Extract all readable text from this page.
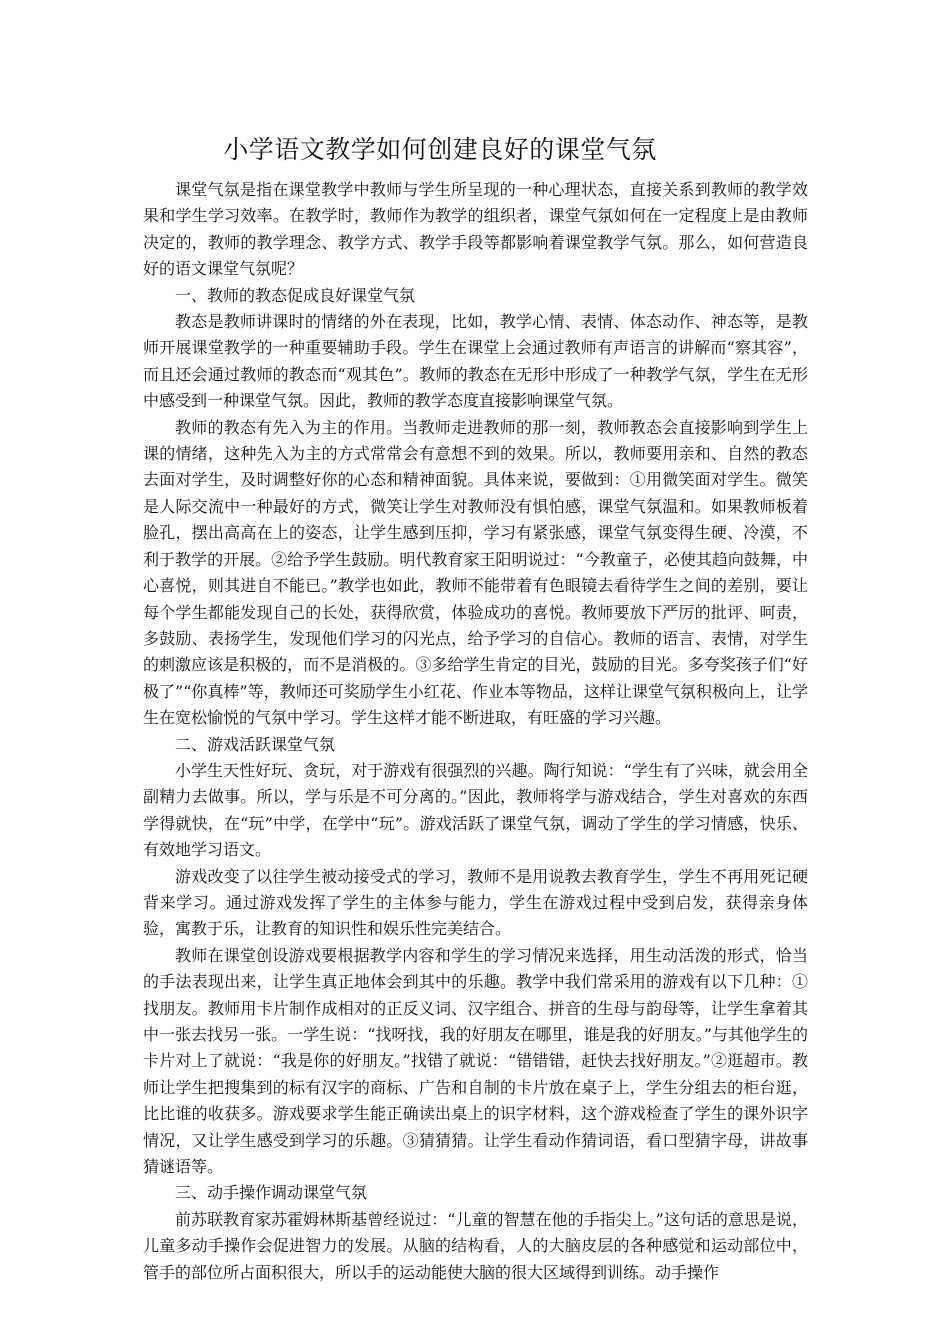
小学语文教学如何创建良好的课堂气氛

课堂气氛是指在课堂教学中教师与学生所呈现的一种心理状态，直接关系到教师的教学效果和学生学习效率。在教学时，教师作为教学的组织者，课堂气氛如何在一定程度上是由教师决定的，教师的教学理念、教学方式、教学手段等都影响着课堂教学气氛。那么，如何营造良好的语文课堂气氛呢？

一、教师的教态促成良好课堂气氛

教态是教师讲课时的情绪的外在表现，比如，教学心情、表情、体态动作、神态等，是教师开展课堂教学的一种重要辅助手段。学生在课堂上会通过教师有声语言的讲解而“察其容”，而且还会通过教师的教态而“观其色”。教师的教态在无形中形成了一种教学气氛，学生在无形中感受到一种课堂气氛。因此，教师的教学态度直接影响课堂气氛。

教师的教态有先入为主的作用。当教师走进教师的那一刻，教师教态会直接影响到学生上课的情绪，这种先入为主的方式常常会有意想不到的效果。所以，教师要用亲和、自然的教态去面对学生，及时调整好你的心态和精神面貌。具体来说，要做到：①用微笑面对学生。微笑是人际交流中一种最好的方式，微笑让学生对教师没有惧怕感，课堂气氛温和。如果教师板着脸孔，摆出高高在上的姿态，让学生感到压抑，学习有紧张感，课堂气氛变得生硬、冷漠，不利于教学的开展。②给予学生鼓励。明代教育家王阳明说过：“今教童子，必使其趋向鼓舞，中心喜悦，则其进自不能已。”教学也如此，教师不能带着有色眼镜去看待学生之间的差别，要让每个学生都能发现自己的长处，获得欣赏，体验成功的喜悦。教师要放下严厉的批评、呵责，多鼓励、表扬学生，发现他们学习的闪光点，给予学习的自信心。教师的语言、表情，对学生的刺激应该是积极的，而不是消极的。③多给学生肯定的目光，鼓励的目光。多夸奖孩子们“好极了”“你真棒”等，教师还可奖励学生小红花、作业本等物品，这样让课堂气氛积极向上，让学生在宽松愉悦的气氛中学习。学生这样才能不断进取，有旺盛的学习兴趣。

二、游戏活跃课堂气氛

小学生天性好玩、贪玩，对于游戏有很强烈的兴趣。陶行知说：“学生有了兴味，就会用全副精力去做事。所以，学与乐是不可分离的。”因此，教师将学与游戏结合，学生对喜欢的东西学得就快，在“玩”中学，在学中“玩”。游戏活跃了课堂气氛，调动了学生的学习情感，快乐、有效地学习语文。

游戏改变了以往学生被动接受式的学习，教师不是用说教去教育学生，学生不再用死记硬背来学习。通过游戏发挥了学生的主体参与能力，学生在游戏过程中受到启发，获得亲身体验，寓教于乐，让教育的知识性和娱乐性完美结合。

教师在课堂创设游戏要根据教学内容和学生的学习情况来选择，用生动活泼的形式，恰当的手法表现出来，让学生真正地体会到其中的乐趣。教学中我们常采用的游戏有以下几种：①找朋友。教师用卡片制作成相对的正反义词、汉字组合、拼音的生母与韵母等，让学生拿着其中一张去找另一张。一学生说：“找呀找，我的好朋友在哪里，谁是我的好朋友。”与其他学生的卡片对上了就说：“我是你的好朋友。”找错了就说：“错错错，赶快去找好朋友。”②逛超市。教师让学生把搜集到的标有汉字的商标、广告和自制的卡片放在桌子上，学生分组去的柜台逛，比比谁的收获多。游戏要求学生能正确读出桌上的识字材料，这个游戏检查了学生的课外识字情况，又让学生感受到学习的乐趣。③猜猜猜。让学生看动作猜词语，看口型猜字母，讲故事猜谜语等。

三、动手操作调动课堂气氛

前苏联教育家苏霍姆林斯基曾经说过：“儿童的智慧在他的手指尖上。”这句话的意思是说，儿童多动手操作会促进智力的发展。从脑的结构看，人的大脑皮层的各种感觉和运动部位中，管手的部位所占面积很大，所以手的运动能使大脑的很大区域得到训练。动手操作
